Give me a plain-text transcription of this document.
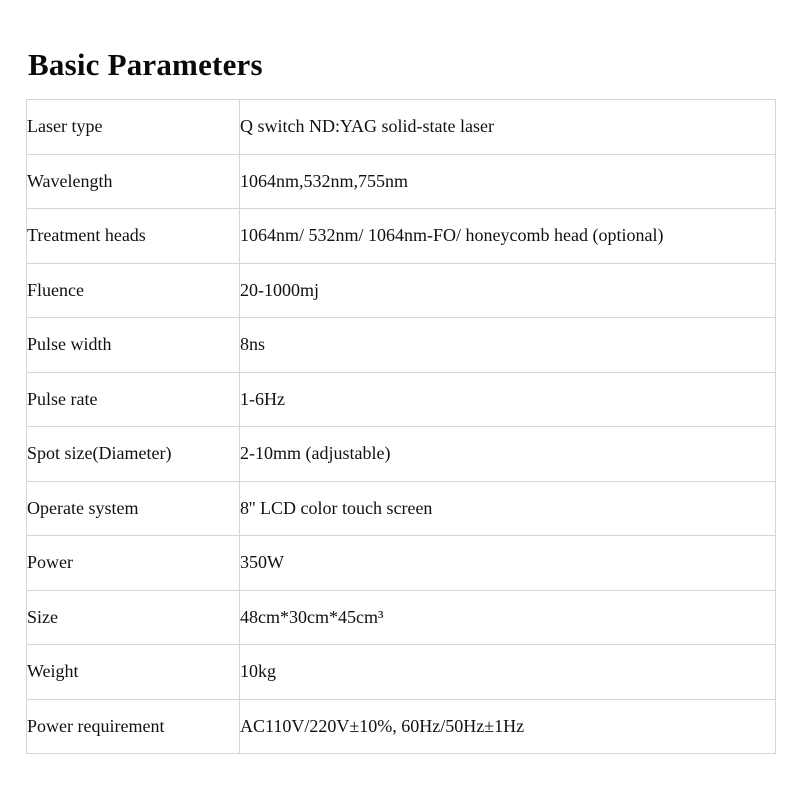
Basic Parameters
Laser type	Q switch ND:YAG solid-state laser
Wavelength	1064nm,532nm,755nm
Treatment heads	1064nm/ 532nm/ 1064nm-FO/ honeycomb head (optional)
Fluence	20-1000mj
Pulse width	8ns
Pulse rate	1-6Hz
Spot size(Diameter)	2-10mm (adjustable)
Operate system	8'' LCD color touch screen
Power	350W
Size	48cm*30cm*45cm³
Weight	10kg
Power requirement	AC110V/220V±10%, 60Hz/50Hz±1Hz
